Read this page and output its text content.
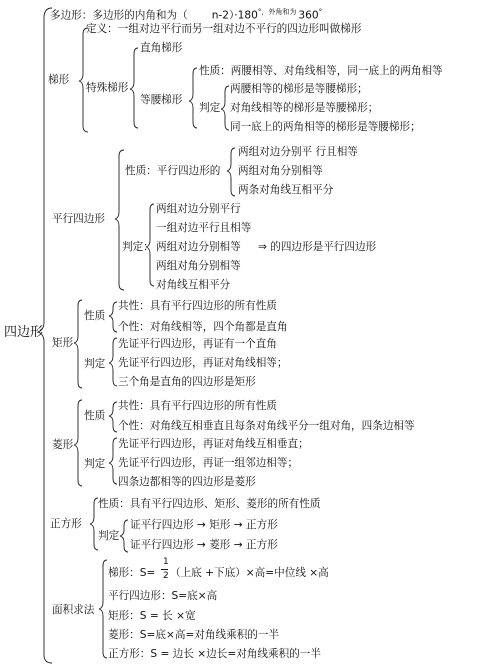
四边形
多边形：多边形的内角和为（ $n-2)\cdot 180^{^\circ,外角和为}$ 360°
梯形
定义：一组对边平行而另一组对边不平行的四边形叫做梯形
特殊梯形
直角梯形
等腰梯形
性质：两腰相等、对角线相等，同一底上的两角相等
判定
两腰相等的梯形是等腰梯形；
对角线相等的梯形是等腰梯形；
同一底上的两角相等的梯形是等腰梯形；
平行四边形
性质：平行四边形的
两组对边分别平 行且相等
两组对角分别相等
两条对角线互相平分
判定：
两组对边分别平行
一组对边平行且相等
两组对边分别相等
两组对角分别相等
对角线互相平分
⇒ 的四边形是平行四边形
矩形
性质
共性：具有平行四边形的所有性质
个性：对角线相等，四个角都是直角
判定
先证平行四边形，再证有一个直角
先证平行四边形，再证对角线相等；
三个角是直角的四边形是矩形
菱形
性质
共性：具有平行四边形的所有性质
个性：对角线互相垂直且每条对角线平分一组对角，四条边相等
判定
先证平行四边形，再证对角线互相垂直；
先证平行四边形，再证一组邻边相等；
四条边都相等的四边形是菱形
正方形
性质：具有平行四边形、矩形、菱形的所有性质
判定
证平行四边形 → 矩形 → 正方形
证平行四边形 → 菱形 → 正方形
面积求法
梯形：S=
1
2 （上底 +下底）×高=中位线 ×高
平行四边形：S=底×高
矩形：S = 长 ×宽
菱形：S=底×高=对角线乘积的一半
正方形：S = 边长 ×边长=对角线乘积的一半
